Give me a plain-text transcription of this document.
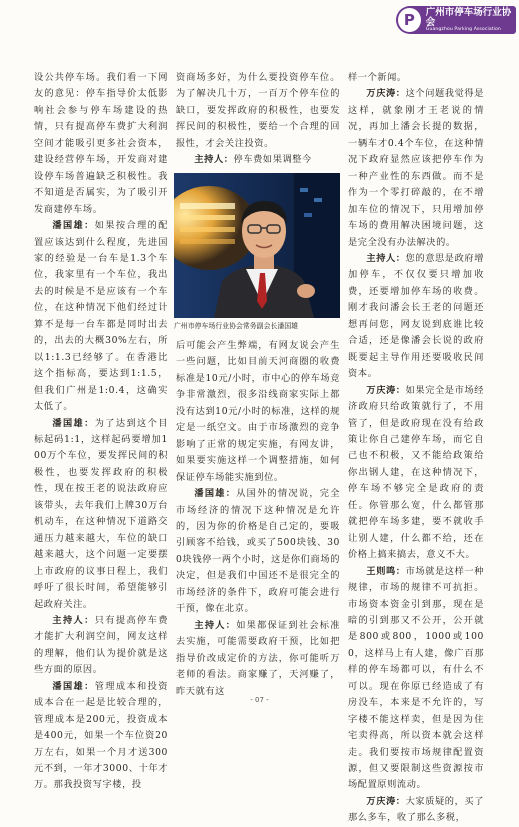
P 广州市停车场行业协会
Guangzhou Parking Association

设公共停车场。我们看一下网友的意见：停车指导价太低影响社会参与停车场建设的热情，只有提高停车费扩大利润空间才能吸引更多社会资本，建设经营停车场，开发商对建设停车场普遍缺乏积极性。我不知道是否属实，为了吸引开发商建停车场。

潘国雄：如果按合理的配置应该达到什么程度，先进国家的经验是一台车是1.3个车位，我家里有一个车位，我出去的时候是不是应该有一个车位，在这种情况下他们经过计算不是每一台车都是同时出去的，出去的大概30%左右，所以1:1.3已经够了。在香港比这个指标高，要达到1:1.5，但我们广州是1:0.4，这确实太低了。

潘国雄：为了达到这个目标起码1:1，这样起码要增加100万个车位，要发挥民间的积极性，也要发挥政府的积极性，现在按王老的说法政府应该带头，去年我们上牌30万台机动车，在这种情况下道路交通压力越来越大，车位的缺口越来越大，这个问题一定要摆上市政府的议事日程上，我们呼吁了很长时间，希望能够引起政府关注。

主持人：只有提高停车费才能扩大利润空间，网友这样的理解，他们认为提价就是这些方面的原因。

潘国雄：管理成本和投资成本合在一起是比较合理的，管理成本是200元，投资成本是400元，如果一个车位资20万左右，如果一个月才送300元不到，一年才3000、十年才万。那我投资写字楼，投

资商场多好，为什么要投资停车位。为了解决几十万，一百万个停车位的缺口，要发挥政府的积极性，也要发挥民间的积极性，要给一个合理的回报性，才会关注投资。

主持人：停车费如果调整今

后可能会产生弊端，有网友说会产生一些问题，比如目前天河商圈的收费标准是10元/小时，市中心的停车场竞争非常激烈，很多沿线商家实际上都没有达到10元/小时的标准，这样的规定是一纸空文。由于市场激烈的竞争影响了正常的规定实施，有网友讲，如果要实施这样一个调整措施，如何保证停车场能实施到位。

潘国雄：从国外的情况说，完全市场经济的情况下这种情况是允许的，因为你的价格是自己定的，要吸引顾客不给钱，或买了500块钱、300块钱停一两个小时，这是你们商场的决定，但是我们中国还不是很完全的市场经济的条件下，政府可能会进行干预，像在北京。

主持人：如果都保证到社会标准去实施，可能需要政府干预，比如把指导价改成定价的方法，你可能听万老师的看法。商家赚了，天河赚了，昨天就有这

样一个新闻。

万庆涛：这个问题我觉得是这样，就象刚才王老说的情况，再加上潘会长提的数据，一辆车才0.4个车位，在这种情况下政府显然应该把停车作为一种产业性的东西做。而不是作为一个零打碎敲的，在不增加车位的情况下，只用增加停车场的费用解决困境问题，这是完全没有办法解决的。

主持人：您的意思是政府增加停车，不仅仅要只增加收费，还要增加停车场的收费。刚才我问潘会长王老的问题还想再问您，网友说到底谁比较合适，还是像潘会长说的政府既要起主导作用还要吸收民间资本。

万庆涛：如果完全是市场经济政府只给政策就行了，不用管了，但是政府现在没有给政策让你自己建停车场，而它自己也不积极，又不能给政策给你出钢人建，在这种情况下，停车场不够完全是政府的责任。你管那么宽，什么都管那就把停车场多建，要不就收手让别人建，什么都不给，还在价格上搞来搞去，意义不大。

王则鸣：市场就是这样一种规律，市场的规律不可抗拒。市场资本资金引到那，现在是暗的引到那又不公开，公开就是800或800，1000或1000，这样马上有人建，像广百那样的停车场都可以，有什么不可以。现在你原已经造成了有房没车，本来是不允许的，写字楼不能这样卖，但是因为住宅卖得高，所以资本就会这样走。我们要按市场规律配置资源，但又要限制这些资源按市场配置原则流动。

万庆涛：大家质疑的，买了那么多车，收了那么多税，

广州市停车场行业协会常务副会长潘国雄
- 07 -
